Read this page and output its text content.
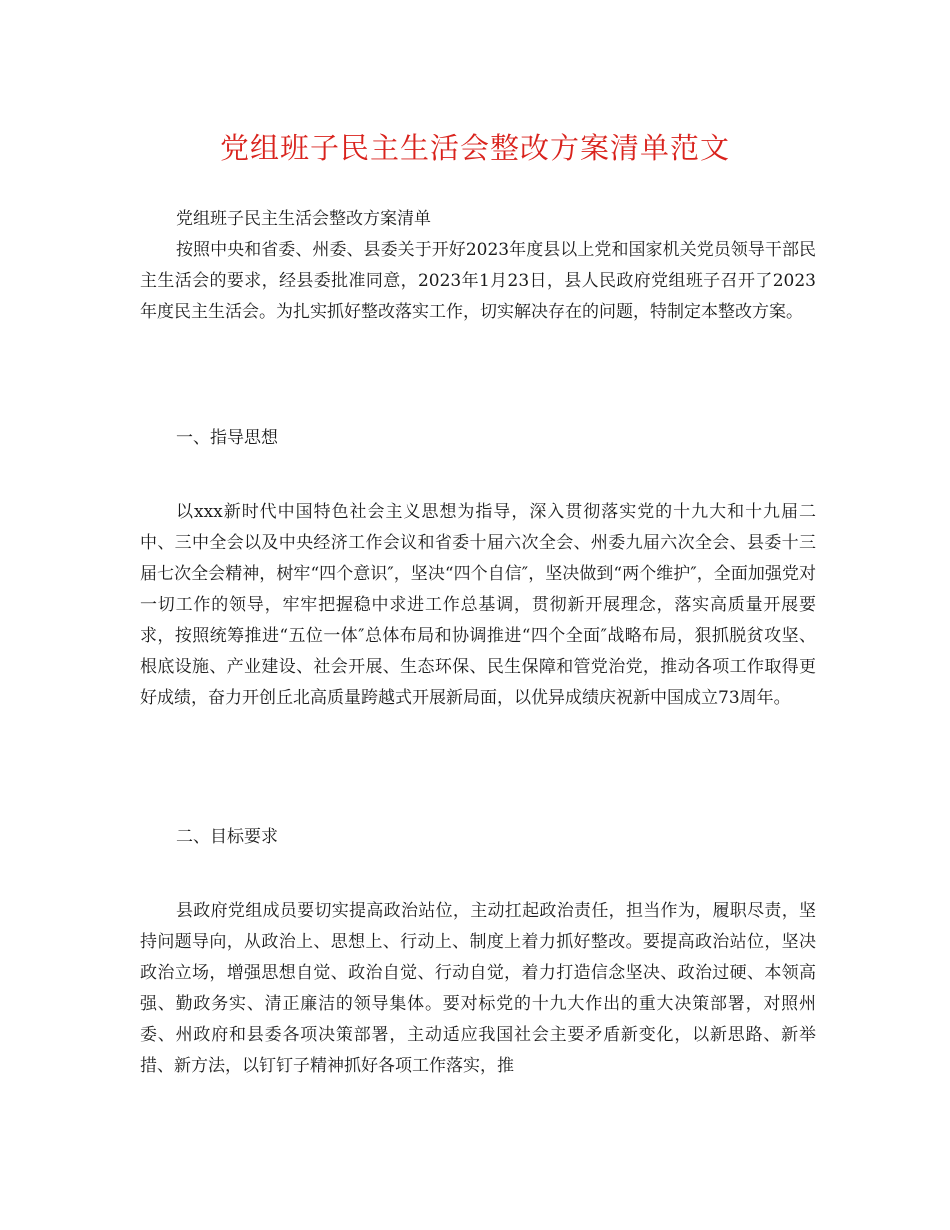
党组班子民主生活会整改方案清单范文

党组班子民主生活会整改方案清单

按照中央和省委、州委、县委关于开好2023年度县以上党和国家机关党员领导干部民主生活会的要求，经县委批准同意，2023年1月23日，县人民政府党组班子召开了2023年度民主生活会。为扎实抓好整改落实工作，切实解决存在的问题，特制定本整改方案。

一、指导思想

以xxx新时代中国特色社会主义思想为指导，深入贯彻落实党的十九大和十九届二中、三中全会以及中央经济工作会议和省委十届六次全会、州委九届六次全会、县委十三届七次全会精神，树牢“四个意识″，坚决“四个自信″，坚决做到“两个维护″，全面加强党对一切工作的领导，牢牢把握稳中求进工作总基调，贯彻新开展理念，落实高质量开展要求，按照统筹推进“五位一体″总体布局和协调推进“四个全面″战略布局，狠抓脱贫攻坚、根底设施、产业建设、社会开展、生态环保、民生保障和管党治党，推动各项工作取得更好成绩，奋力开创丘北高质量跨越式开展新局面，以优异成绩庆祝新中国成立73周年。

二、目标要求

县政府党组成员要切实提高政治站位，主动扛起政治责任，担当作为，履职尽责，坚持问题导向，从政治上、思想上、行动上、制度上着力抓好整改。要提高政治站位，坚决政治立场，增强思想自觉、政治自觉、行动自觉，着力打造信念坚决、政治过硬、本领高强、勤政务实、清正廉洁的领导集体。要对标党的十九大作出的重大决策部署，对照州委、州政府和县委各项决策部署，主动适应我国社会主要矛盾新变化，以新思路、新举措、新方法，以钉钉子精神抓好各项工作落实，推
